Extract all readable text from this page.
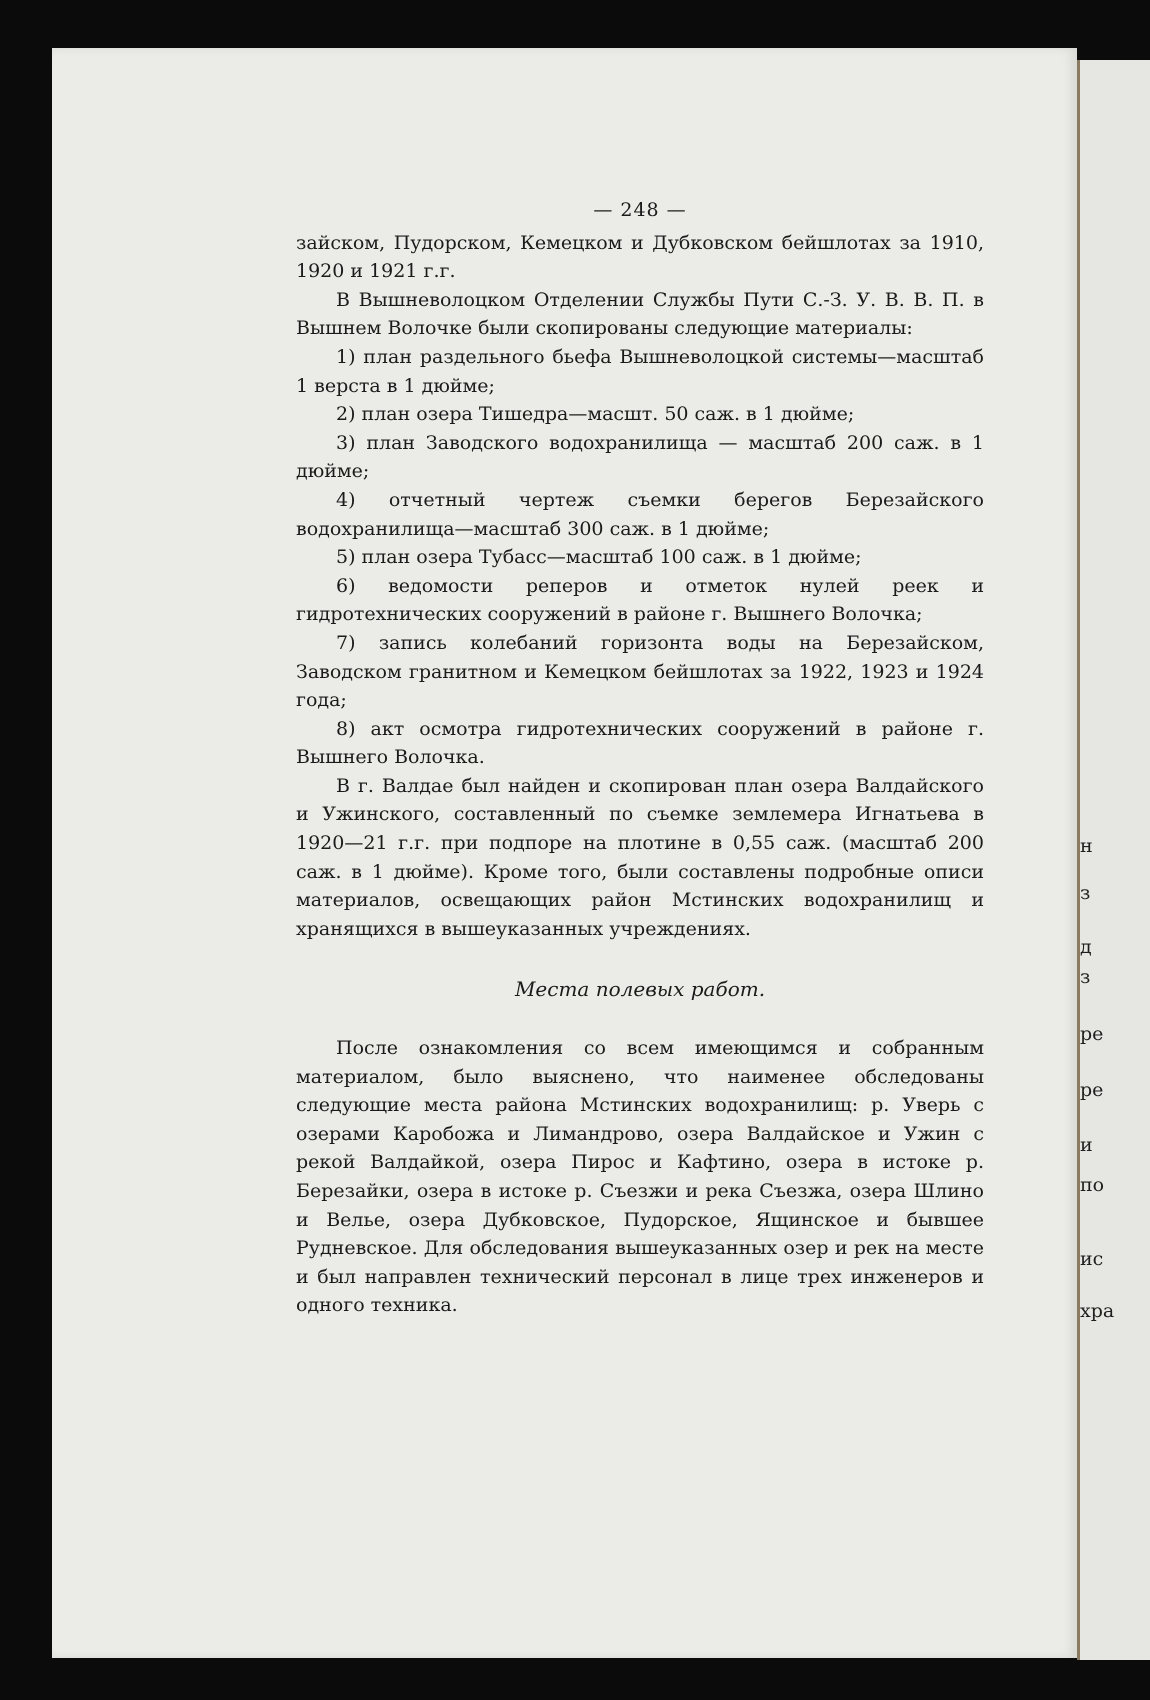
н
з
д
з
ре
ре
и
по
ис
хра
— 248 —

зайском, Пудорском, Кемецком и Дубковском бейшлотах за 1910, 1920 и 1921 г.г.

В Вышневолоцком Отделении Службы Пути С.-З. У. В. В. П. в Вышнем Волочке были скопированы следующие материалы:

1) план раздельного бьефа Вышневолоцкой системы—масштаб 1 верста в 1 дюйме;

2) план озера Тишедра—масшт. 50 саж. в 1 дюйме;

3) план Заводского водохранилища — масштаб 200 саж. в 1 дюйме;

4) отчетный чертеж съемки берегов Березайского водохранилища—масштаб 300 саж. в 1 дюйме;

5) план озера Тубасс—масштаб 100 саж. в 1 дюйме;

6) ведомости реперов и отметок нулей реек и гидротехнических сооружений в районе г. Вышнего Волочка;

7) запись колебаний горизонта воды на Березайском, Заводском гранитном и Кемецком бейшлотах за 1922, 1923 и 1924 года;

8) акт осмотра гидротехнических сооружений в районе г. Вышнего Волочка.

В г. Валдае был найден и скопирован план озера Валдайского и Ужинского, составленный по съемке землемера Игнатьева в 1920—21 г.г. при подпоре на плотине в 0,55 саж. (масштаб 200 саж. в 1 дюйме). Кроме того, были составлены подробные описи материалов, освещающих район Мстинских водохранилищ и хранящихся в вышеуказанных учреждениях.

Места полевых работ.

После ознакомления со всем имеющимся и собранным материалом, было выяснено, что наименее обследованы следующие места района Мстинских водохранилищ: р. Уверь с озерами Каробожа и Лимандрово, озера Валдайское и Ужин с рекой Валдайкой, озера Пирос и Кафтино, озера в истоке р. Березайки, озера в истоке р. Съезжи и река Съезжа, озера Шлино и Велье, озера Дубковское, Пудорское, Ящинское и бывшее Рудневское. Для обследования вышеуказанных озер и рек на месте и был направлен технический персонал в лице трех инженеров и одного техника.
